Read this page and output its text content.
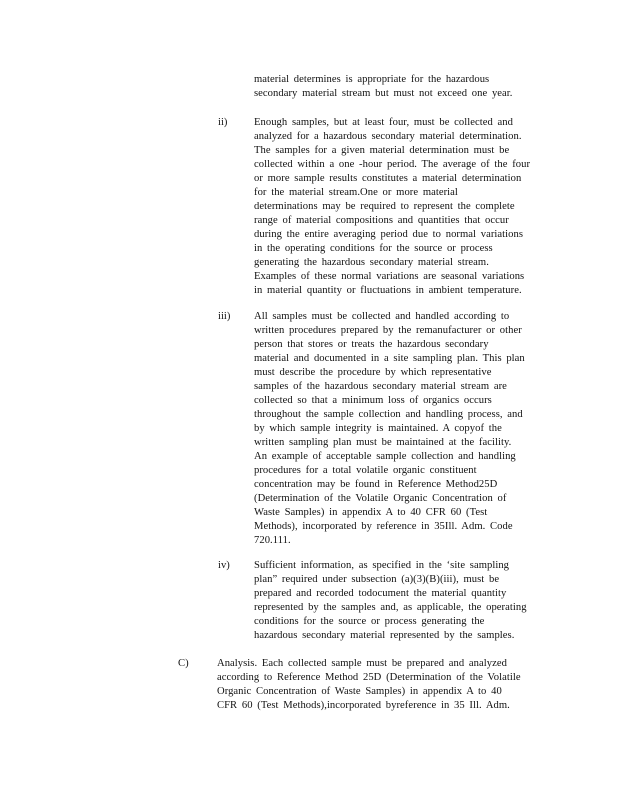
material determines is appropriate for the hazardous
secondary material stream but must not exceed one year.
ii)	Enough samples, but at least four, must be collected and
analyzed for a hazardous secondary material determination.
The samples for a given material determination must be
collected within a one -hour period. The average of the four
or more sample results constitutes a material determination
for the material stream.One or more material
determinations may be required to represent the complete
range of material compositions and quantities that occur
during the entire averaging period due to normal variations
in the operating conditions for the source or process
generating the hazardous secondary material stream.
Examples of these normal variations are seasonal variations
in material quantity or fluctuations in ambient temperature.
iii) All samples must be collected and handled according to
written procedures prepared by the remanufacturer or other
person that stores or treats the hazardous secondary
material and documented in a site sampling plan. This plan
must describe the procedure by which representative
samples of the hazardous secondary material stream are
collected so that a minimum loss of organics occurs
throughout the sample collection and handling process, and
by which sample integrity is maintained. A copyof the
written sampling plan must be maintained at the facility.
An example of acceptable sample collection and handling
procedures for a total volatile organic constituent
concentration may be found in Reference Method25D
(Determination of the Volatile Organic Concentration of
Waste Samples) in appendix A to 40 CFR 60 (Test
Methods), incorporated by reference in 35Ill. Adm. Code
720.111.
iv) Sufficient information, as specified in the ‘site sampling
plan” required under subsection (a)(3)(B)(iii), must be
prepared and recorded todocument the material quantity
represented by the samples and, as applicable, the operating
conditions for the source or process generating the
hazardous secondary material represented by the samples.
C)	Analysis. Each collected sample must be prepared and analyzed
according to Reference Method 25D (Determination of the Volatile
Organic Concentration of Waste Samples) in appendix A to 40
CFR 60 (Test Methods),incorporated byreference in 35 Ill. Adm.
